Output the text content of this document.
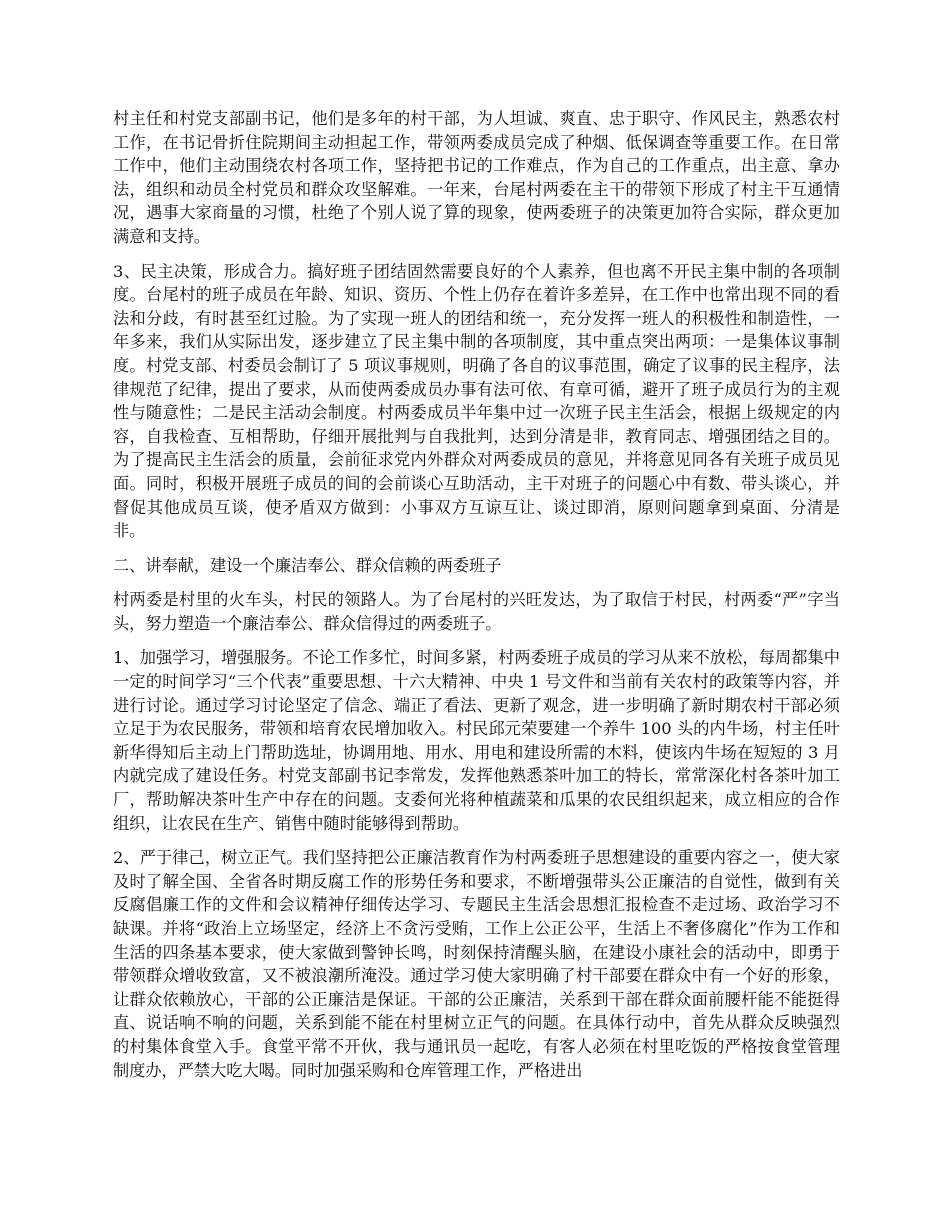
村主任和村党支部副书记，他们是多年的村干部，为人坦诚、爽直、忠于职守、作风民主，熟悉农村工作，在书记骨折住院期间主动担起工作，带领两委成员完成了种烟、低保调查等重要工作。在日常工作中，他们主动围绕农村各项工作，坚持把书记的工作难点，作为自己的工作重点，出主意、拿办法，组织和动员全村党员和群众攻坚解难。一年来，台尾村两委在主干的带领下形成了村主干互通情况，遇事大家商量的习惯，杜绝了个别人说了算的现象，使两委班子的决策更加符合实际，群众更加满意和支持。

3、民主决策，形成合力。搞好班子团结固然需要良好的个人素养，但也离不开民主集中制的各项制度。台尾村的班子成员在年龄、知识、资历、个性上仍存在着许多差异，在工作中也常出现不同的看法和分歧，有时甚至红过脸。为了实现一班人的团结和统一，充分发挥一班人的积极性和制造性，一年多来，我们从实际出发，逐步建立了民主集中制的各项制度，其中重点突出两项：一是集体议事制度。村党支部、村委员会制订了 5 项议事规则，明确了各自的议事范围，确定了议事的民主程序，法律规范了纪律，提出了要求，从而使两委成员办事有法可依、有章可循，避开了班子成员行为的主观性与随意性；二是民主活动会制度。村两委成员半年集中过一次班子民主生活会，根据上级规定的内容，自我检查、互相帮助，仔细开展批判与自我批判，达到分清是非，教育同志、增强团结之目的。为了提高民主生活会的质量，会前征求党内外群众对两委成员的意见，并将意见同各有关班子成员见面。同时，积极开展班子成员的间的会前谈心互助活动，主干对班子的问题心中有数、带头谈心，并督促其他成员互谈，使矛盾双方做到：小事双方互谅互让、谈过即消，原则问题拿到桌面、分清是非。

二、讲奉献，建设一个廉洁奉公、群众信赖的两委班子

村两委是村里的火车头，村民的领路人。为了台尾村的兴旺发达，为了取信于村民，村两委“严”字当头，努力塑造一个廉洁奉公、群众信得过的两委班子。

1、加强学习，增强服务。不论工作多忙，时间多紧，村两委班子成员的学习从来不放松，每周都集中一定的时间学习“三个代表”重要思想、十六大精神、中央 1 号文件和当前有关农村的政策等内容，并进行讨论。通过学习讨论坚定了信念、端正了看法、更新了观念，进一步明确了新时期农村干部必须立足于为农民服务，带领和培育农民增加收入。村民邱元荣要建一个养牛 100 头的内牛场，村主任叶新华得知后主动上门帮助选址，协调用地、用水、用电和建设所需的木料，使该内牛场在短短的 3 月内就完成了建设任务。村党支部副书记李常发，发挥他熟悉茶叶加工的特长，常常深化村各茶叶加工厂，帮助解决茶叶生产中存在的问题。支委何光将种植蔬菜和瓜果的农民组织起来，成立相应的合作组织，让农民在生产、销售中随时能够得到帮助。

2、严于律己，树立正气。我们坚持把公正廉洁教育作为村两委班子思想建设的重要内容之一，使大家及时了解全国、全省各时期反腐工作的形势任务和要求，不断增强带头公正廉洁的自觉性，做到有关反腐倡廉工作的文件和会议精神仔细传达学习、专题民主生活会思想汇报检查不走过场、政治学习不缺课。并将“政治上立场坚定，经济上不贪污受贿，工作上公正公平，生活上不奢侈腐化”作为工作和生活的四条基本要求，使大家做到警钟长鸣，时刻保持清醒头脑，在建设小康社会的活动中，即勇于带领群众增收致富，又不被浪潮所淹没。通过学习使大家明确了村干部要在群众中有一个好的形象，让群众依赖放心，干部的公正廉洁是保证。干部的公正廉洁，关系到干部在群众面前腰杆能不能挺得直、说话响不响的问题，关系到能不能在村里树立正气的问题。在具体行动中，首先从群众反映强烈的村集体食堂入手。食堂平常不开伙，我与通讯员一起吃，有客人必须在村里吃饭的严格按食堂管理制度办，严禁大吃大喝。同时加强采购和仓库管理工作，严格进出
